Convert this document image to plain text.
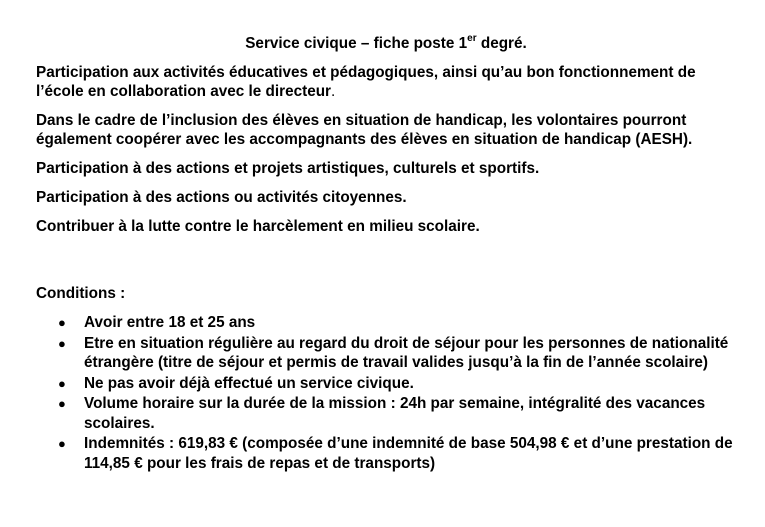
Service civique – fiche poste 1er degré.
Participation aux activités éducatives et pédagogiques, ainsi qu’au bon fonctionnement de l’école en collaboration avec le directeur.
Dans le cadre de l’inclusion des élèves en situation de handicap, les volontaires pourront également coopérer avec les accompagnants des élèves en situation de handicap (AESH).
Participation à des actions et projets artistiques, culturels et sportifs.
Participation à des actions ou activités citoyennes.
Contribuer à la lutte contre le harcèlement en milieu scolaire.
Conditions :
● Avoir entre 18 et 25 ans
● Etre en situation régulière au regard du droit de séjour pour les personnes de nationalité étrangère (titre de séjour et permis de travail valides jusqu’à la fin de l’année scolaire)
● Ne pas avoir déjà effectué un service civique.
● Volume horaire sur la durée de la mission : 24h par semaine, intégralité des vacances scolaires.
● Indemnités : 619,83 € (composée d’une indemnité de base 504,98 € et d’une prestation de 114,85 € pour les frais de repas et de transports)
